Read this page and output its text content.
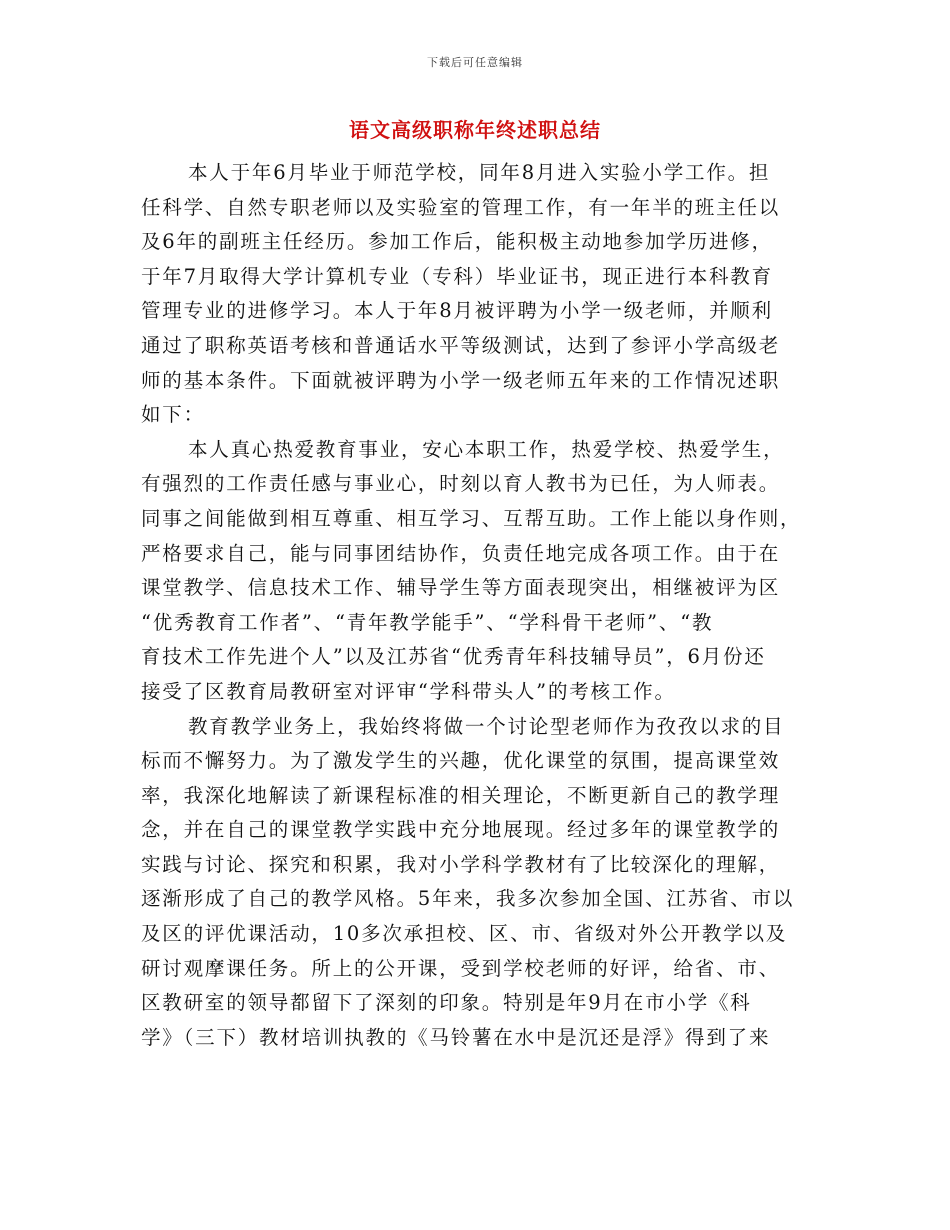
下载后可任意编辑
语文高级职称年终述职总结
本人于年6月毕业于师范学校，同年8月进入实验小学工作。担
任科学、自然专职老师以及实验室的管理工作，有一年半的班主任以
及6年的副班主任经历。参加工作后，能积极主动地参加学历进修，
于年7月取得大学计算机专业（专科）毕业证书，现正进行本科教育
管理专业的进修学习。本人于年8月被评聘为小学一级老师，并顺利
通过了职称英语考核和普通话水平等级测试，达到了参评小学高级老
师的基本条件。下面就被评聘为小学一级老师五年来的工作情况述职
如下：
本人真心热爱教育事业，安心本职工作，热爱学校、热爱学生，
有强烈的工作责任感与事业心，时刻以育人教书为已任，为人师表。
同事之间能做到相互尊重、相互学习、互帮互助。工作上能以身作则，
严格要求自己，能与同事团结协作，负责任地完成各项工作。由于在
课堂教学、信息技术工作、辅导学生等方面表现突出，相继被评为区
“优秀教育工作者”、“青年教学能手”、“学科骨干老师”、“教
育技术工作先进个人”以及江苏省“优秀青年科技辅导员”，6月份还
接受了区教育局教研室对评审“学科带头人”的考核工作。
教育教学业务上，我始终将做一个讨论型老师作为孜孜以求的目
标而不懈努力。为了激发学生的兴趣，优化课堂的氛围，提高课堂效
率，我深化地解读了新课程标准的相关理论，不断更新自己的教学理
念，并在自己的课堂教学实践中充分地展现。经过多年的课堂教学的
实践与讨论、探究和积累，我对小学科学教材有了比较深化的理解，
逐渐形成了自己的教学风格。5年来，我多次参加全国、江苏省、市以
及区的评优课活动，10多次承担校、区、市、省级对外公开教学以及
研讨观摩课任务。所上的公开课，受到学校老师的好评，给省、市、
区教研室的领导都留下了深刻的印象。特别是年9月在市小学《科
学》（三下）教材培训执教的《马铃薯在水中是沉还是浮》得到了来
